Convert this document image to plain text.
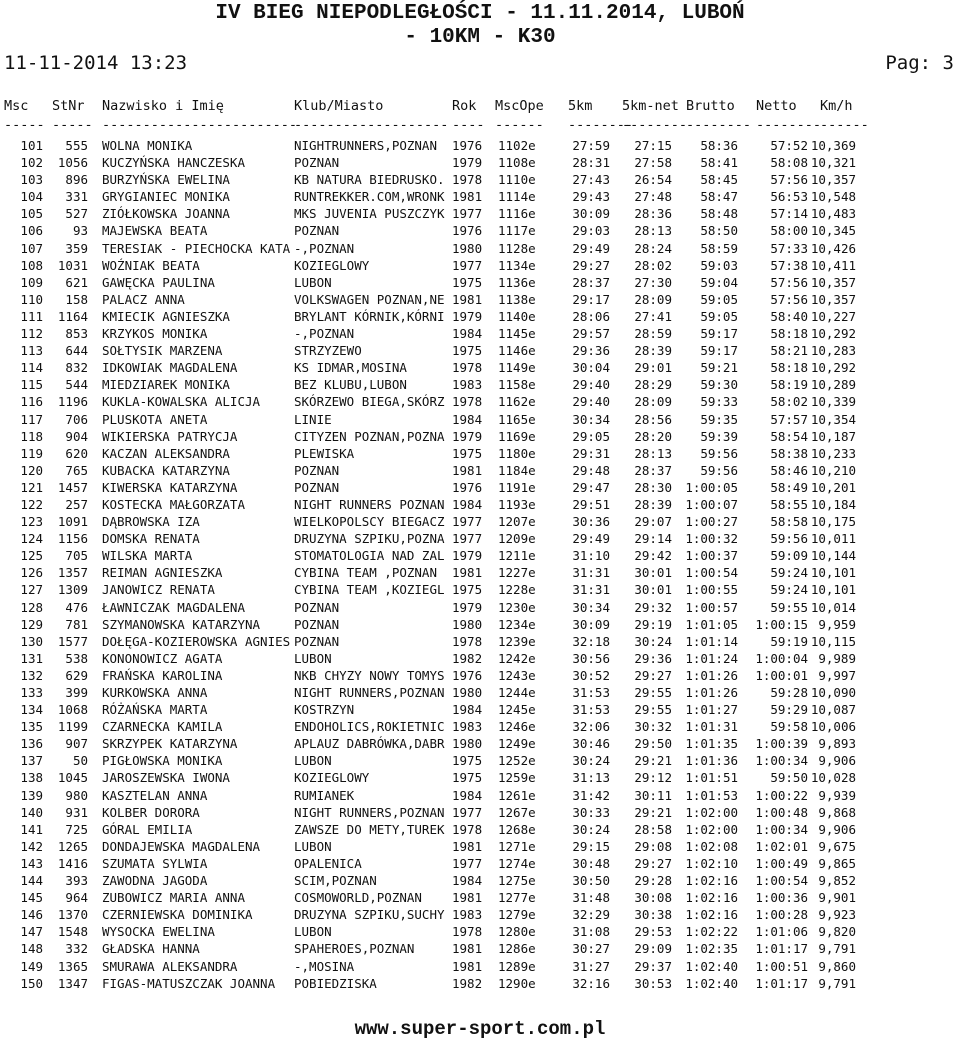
IV BIEG NIEPODLEGŁOŚCI - 11.11.2014, LUBOŃ
- 10KM - K30
11-11-2014 13:23	Pag: 3
Msc StNr Nazwisko i Imię	Klub/Miasto	Rok MscOpe 5km 5km-net Brutto Netto Km/h
----- ----- ------------------------
------------------- ---- ------ --------
--------
-------- --------
------
101	555 WOLNA MONIKA	NIGHTRUNNERS,POZNAN	1976	1102e	27:59	27:15	58:36	57:52 10,369
102	1056 KUCZYŃSKA HANCZESKA	POZNAN	1979	1108e	28:31	27:58	58:41	58:08 10,321
103	896 BURZYŃSKA EWELINA	KB NATURA BIEDRUSKO. 1978	1110e	27:43	26:54	58:45	57:56 10,357
104	331 GRYGIANIEC MONIKA	RUNTREKKER.COM,WRONK 1981	1114e	29:43	27:48	58:47	56:53 10,548
105	527 ZIÓŁKOWSKA JOANNA	MKS JUVENIA PUSZCZYK 1977	1116e	30:09	28:36	58:48	57:14 10,483
106	93 MAJEWSKA BEATA	POZNAN	1976	1117e	29:03	28:13	58:50	58:00 10,345
107	359 TERESIAK - PIECHOCKA KATA -,POZNAN	1980	1128e	29:49	28:24	58:59	57:33 10,426
108	1031 WOŹNIAK BEATA	KOZIEGLOWY	1977	1134e	29:27	28:02	59:03	57:38 10,411
109	621 GAWĘCKA PAULINA	LUBON	1975	1136e	28:37	27:30	59:04	57:56 10,357
110	158 PALACZ ANNA	VOLKSWAGEN POZNAN,NE 1981	1138e	29:17	28:09	59:05	57:56 10,357
111	1164 KMIECIK AGNIESZKA	BRYLANT KÓRNIK,KÓRNI 1979	1140e	28:06	27:41	59:05	58:40 10,227
112	853 KRZYKOS MONIKA	-,POZNAN	1984	1145e	29:57	28:59	59:17	58:18 10,292
113	644 SOŁTYSIK MARZENA	STRZYZEWO	1975	1146e	29:36	28:39	59:17	58:21 10,283
114	832 IDKOWIAK MAGDALENA	KS IDMAR,MOSINA	1978	1149e	30:04	29:01	59:21	58:18 10,292
115	544 MIEDZIAREK MONIKA	BEZ KLUBU,LUBON	1983	1158e	29:40	28:29	59:30	58:19 10,289
116	1196 KUKLA-KOWALSKA ALICJA	SKÓRZEWO BIEGA,SKÓRZ 1978	1162e	29:40	28:09	59:33	58:02 10,339
117	706 PLUSKOTA ANETA	LINIE	1984	1165e	30:34	28:56	59:35	57:57 10,354
118	904 WIKIERSKA PATRYCJA	CITYZEN POZNAN,POZNA 1979	1169e	29:05	28:20	59:39	58:54 10,187
119	620 KACZAN ALEKSANDRA	PLEWISKA	1975	1180e	29:31	28:13	59:56	58:38 10,233
120	765 KUBACKA KATARZYNA	POZNAN	1981	1184e	29:48	28:37	59:56	58:46 10,210
121	1457 KIWERSKA KATARZYNA	POZNAN	1976	1191e	29:47	28:30	1:00:05	58:49 10,201
122	257 KOSTECKA MAŁGORZATA	NIGHT RUNNERS POZNAN 1984	1193e	29:51	28:39	1:00:07	58:55 10,184
123	1091 DĄBROWSKA IZA	WIELKOPOLSCY BIEGACZ 1977	1207e	30:36	29:07	1:00:27	58:58 10,175
124	1156 DOMSKA RENATA	DRUZYNA SZPIKU,POZNA 1977	1209e	29:49	29:14	1:00:32	59:56 10,011
125	705 WILSKA MARTA	STOMATOLOGIA NAD ZAL 1979	1211e	31:10	29:42	1:00:37	59:09 10,144
126	1357 REIMAN AGNIESZKA	CYBINA TEAM ,POZNAN	1981	1227e	31:31	30:01	1:00:54	59:24 10,101
127	1309 JANOWICZ RENATA	CYBINA TEAM ,KOZIEGL 1975	1228e	31:31	30:01	1:00:55	59:24 10,101
128	476 ŁAWNICZAK MAGDALENA	POZNAN	1979	1230e	30:34	29:32	1:00:57	59:55 10,014
129	781 SZYMANOWSKA KATARZYNA	POZNAN	1980	1234e	30:09	29:19	1:01:05	1:00:15 9,959
130	1577 DOŁĘGA-KOZIEROWSKA AGNIES POZNAN	1978	1239e	32:18	30:24	1:01:14	59:19 10,115
131	538 KONONOWICZ AGATA	LUBON	1982	1242e	30:56	29:36	1:01:24	1:00:04 9,989
132	629 FRAŃSKA KAROLINA	NKB CHYZY NOWY TOMYS 1976	1243e	30:52	29:27	1:01:26	1:00:01 9,997
133	399 KURKOWSKA ANNA	NIGHT RUNNERS,POZNAN 1980	1244e	31:53	29:55	1:01:26	59:28 10,090
134	1068 RÓŻAŃSKA MARTA	KOSTRZYN	1984	1245e	31:53	29:55	1:01:27	59:29 10,087
135	1199 CZARNECKA KAMILA	ENDOHOLICS,ROKIETNIC 1983	1246e	32:06	30:32	1:01:31	59:58 10,006
136	907 SKRZYPEK KATARZYNA	APLAUZ DABRÓWKA,DABR 1980	1249e	30:46	29:50	1:01:35	1:00:39 9,893
137	50 PIGŁOWSKA MONIKA	LUBON	1975	1252e	30:24	29:21	1:01:36	1:00:34 9,906
138	1045 JAROSZEWSKA IWONA	KOZIEGLOWY	1975	1259e	31:13	29:12	1:01:51	59:50 10,028
139	980 KASZTELAN ANNA	RUMIANEK	1984	1261e	31:42	30:11	1:01:53	1:00:22 9,939
140	931 KOLBER DORORA	NIGHT RUNNERS,POZNAN 1977	1267e	30:33	29:21	1:02:00	1:00:48 9,868
141	725 GÓRAL EMILIA	ZAWSZE DO METY,TUREK 1978	1268e	30:24	28:58	1:02:00	1:00:34 9,906
142	1265 DONDAJEWSKA MAGDALENA	LUBON	1981	1271e	29:15	29:08	1:02:08	1:02:01 9,675
143	1416 SZUMATA SYLWIA	OPALENICA	1977	1274e	30:48	29:27	1:02:10	1:00:49 9,865
144	393 ZAWODNA JAGODA	SCIM,POZNAN	1984	1275e	30:50	29:28	1:02:16	1:00:54 9,852
145	964 ZUBOWICZ MARIA ANNA	COSMOWORLD,POZNAN	1981	1277e	31:48	30:08	1:02:16	1:00:36 9,901
146	1370 CZERNIEWSKA DOMINIKA	DRUZYNA SZPIKU,SUCHY 1983	1279e	32:29	30:38	1:02:16	1:00:28 9,923
147	1548 WYSOCKA EWELINA	LUBON	1978	1280e	31:08	29:53	1:02:22	1:01:06 9,820
148	332 GŁADSKA HANNA	SPAHEROES,POZNAN	1981	1286e	30:27	29:09	1:02:35	1:01:17 9,791
149	1365 SMURAWA ALEKSANDRA	-,MOSINA	1981	1289e	31:27	29:37	1:02:40	1:00:51 9,860
150	1347 FIGAS-MATUSZCZAK JOANNA	POBIEDZISKA	1982	1290e	32:16	30:53	1:02:40	1:01:17 9,791
www.super-sport.com.pl
